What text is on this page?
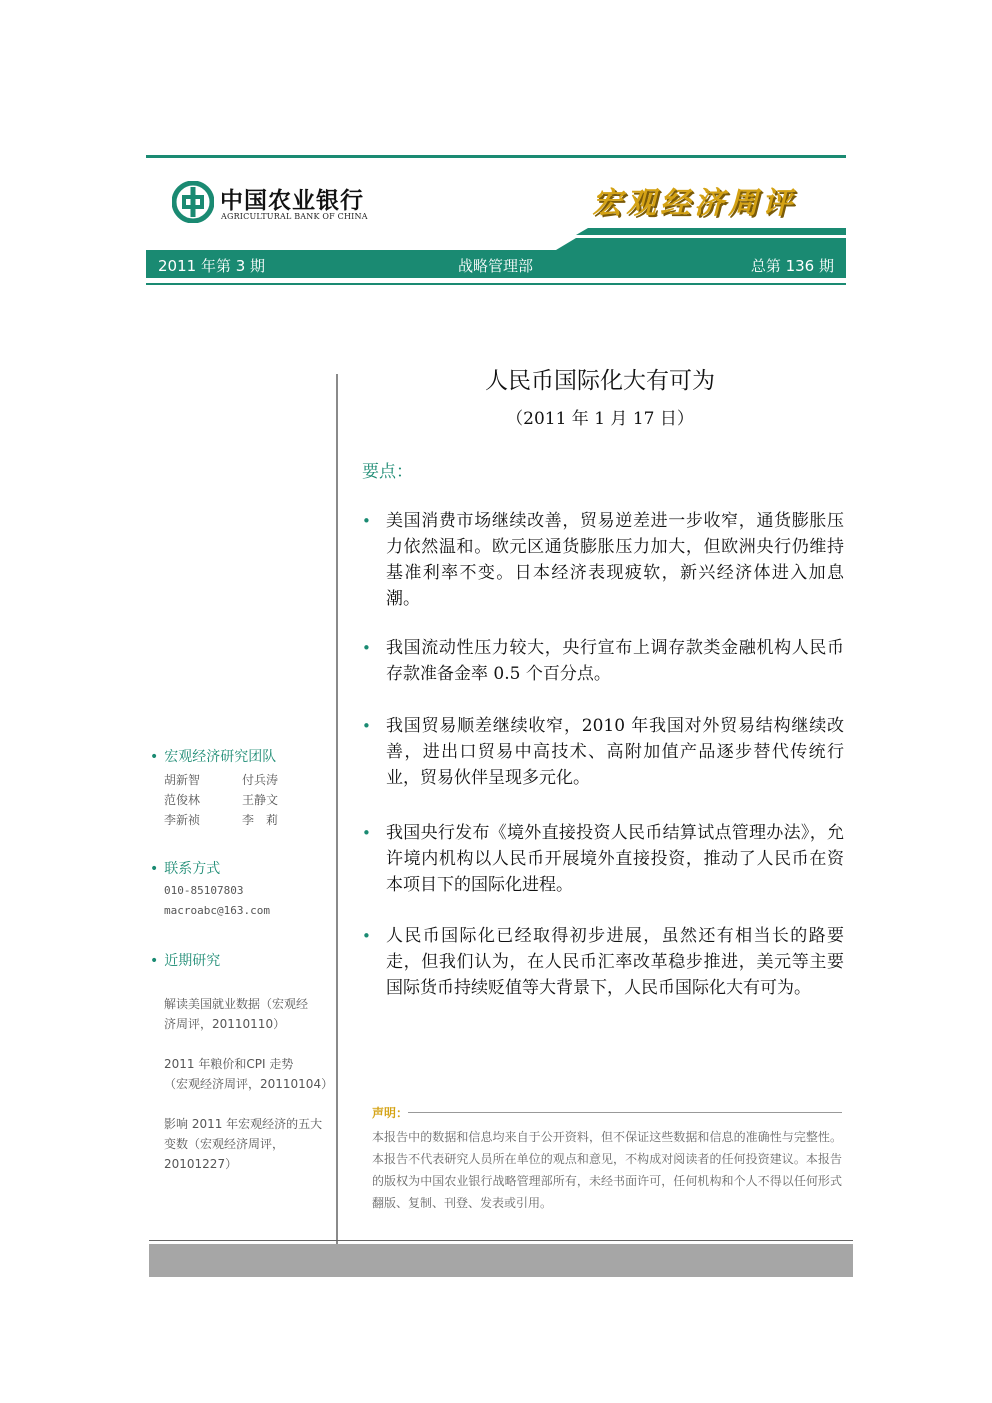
中国农业银行
AGRICULTURAL BANK OF CHINA	宏观经济周评
2011 年第 3 期	战略管理部	总第 136 期
人民币国际化大有可为
（2011 年 1 月 17 日）
要点：
• 美国消费市场继续改善，贸易逆差进一步收窄，通货膨胀压力依然温和。欧元区通货膨胀压力加大，但欧洲央行仍维持基准利率不变。日本经济表现疲软，新兴经济体进入加息潮。
• 我国流动性压力较大，央行宣布上调存款类金融机构人民币存款准备金率 0.5 个百分点。
• 我国贸易顺差继续收窄，2010 年我国对外贸易结构继续改善，进出口贸易中高技术、高附加值产品逐步替代传统行业，贸易伙伴呈现多元化。
• 我国央行发布《境外直接投资人民币结算试点管理办法》，允许境内机构以人民币开展境外直接投资，推动了人民币在资本项目下的国际化进程。
• 人民币国际化已经取得初步进展，虽然还有相当长的路要走，但我们认为，在人民币汇率改革稳步推进，美元等主要国际货币持续贬值等大背景下，人民币国际化大有可为。
• 宏观经济研究团队
胡新智	付兵涛
范俊林	王静文
李新祯	李　莉
• 联系方式
010-85107803
macroabc@163.com
• 近期研究
解读美国就业数据（宏观经
济周评，20110110）
2011 年粮价和CPI 走势
（宏观经济周评，20110104）
影响 2011 年宏观经济的五大
变数（宏观经济周评，
20101227）
声明：
本报告中的数据和信息均来自于公开资料，但不保证这些数据和信息的准确性与完整性。本报告不代表研究人员所在单位的观点和意见，不构成对阅读者的任何投资建议。本报告的版权为中国农业银行战略管理部所有，未经书面许可，任何机构和个人不得以任何形式翻版、复制、刊登、发表或引用。
